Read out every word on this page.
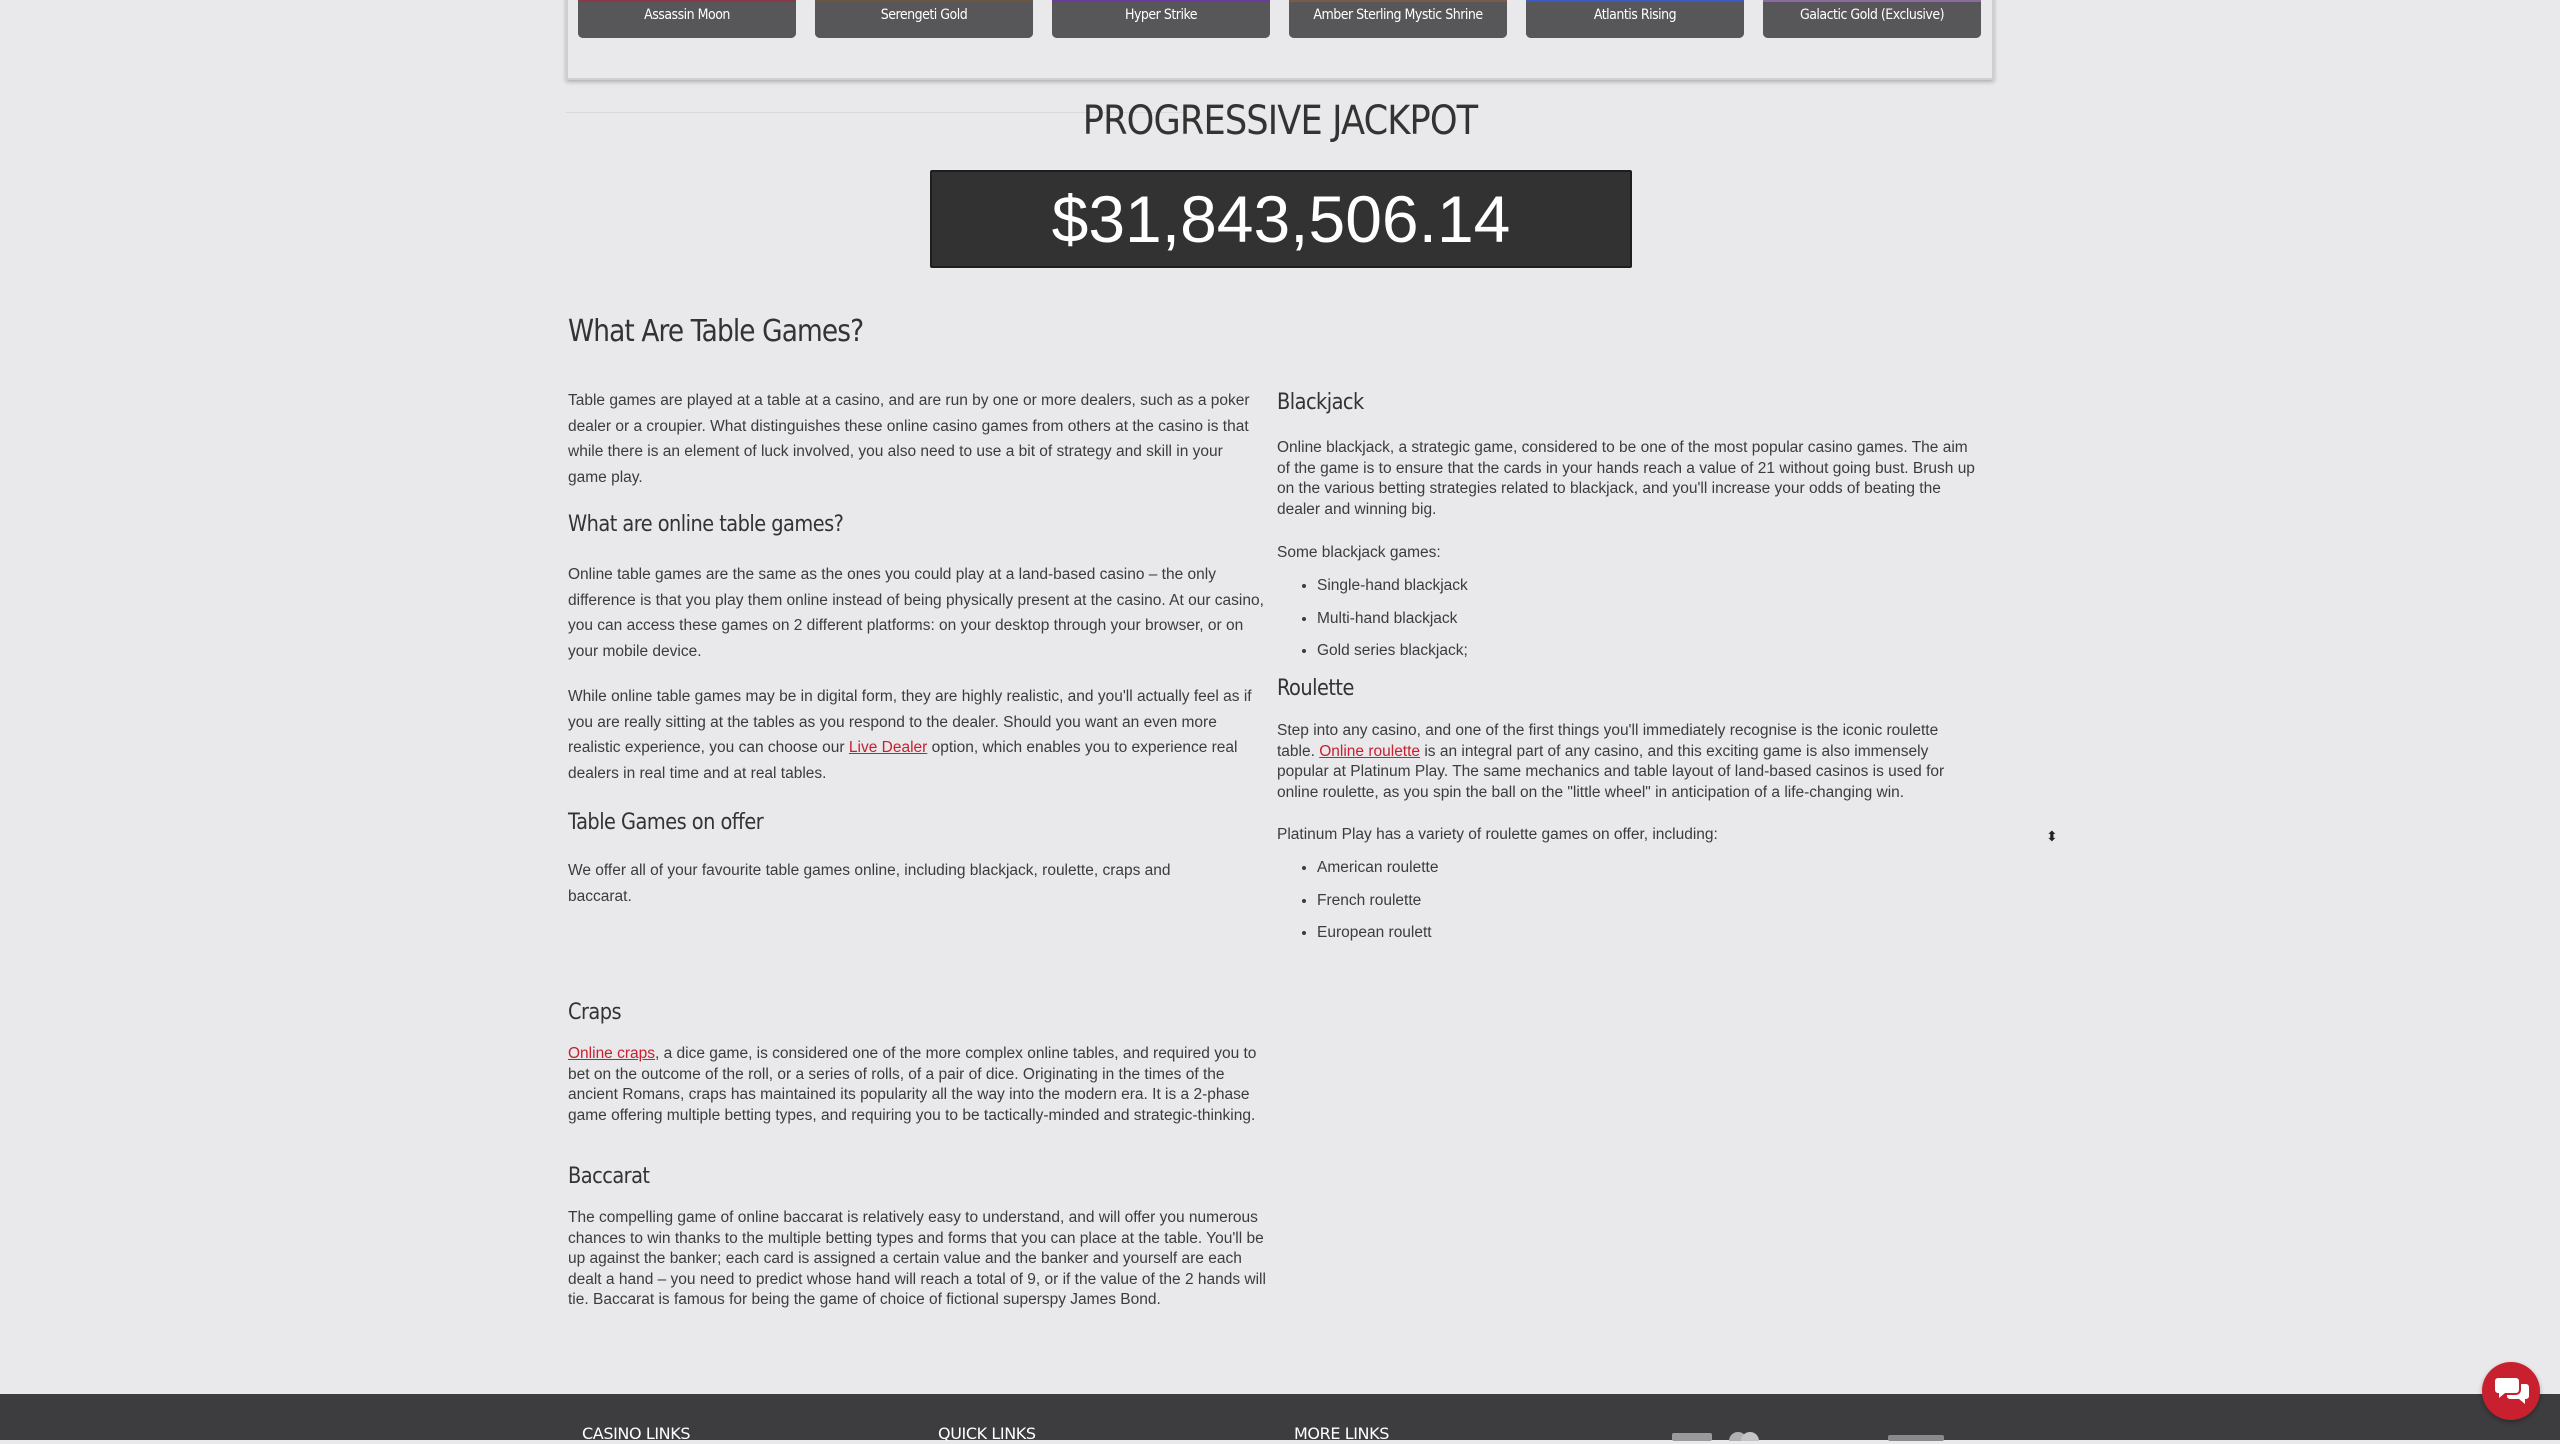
Assassin Moon	Serengeti Gold	Hyper Strike	Amber Sterling Mystic Shrine	Atlantis Rising	Galactic Gold (Exclusive)
PROGRESSIVE JACKPOT
$31,843,506.14
What Are Table Games?

Table games are played at a table at a casino, and are run by one or more dealers, such as a poker dealer or a croupier. What distinguishes these online casino games from others at the casino is that while there is an element of luck involved, you also need to use a bit of strategy and skill in your game play.

What are online table games?

Online table games are the same as the ones you could play at a land-based casino – the only difference is that you play them online instead of being physically present at the casino. At our casino, you can access these games on 2 different platforms: on your desktop through your browser, or on your mobile device.

While online table games may be in digital form, they are highly realistic, and you'll actually feel as if you are really sitting at the tables as you respond to the dealer. Should you want an even more realistic experience, you can choose our Live Dealer option, which enables you to experience real dealers in real time and at real tables.

Table Games on offer

We offer all of your favourite table games online, including blackjack, roulette, craps and baccarat.

Craps

Online craps, a dice game, is considered one of the more complex online tables, and required you to bet on the outcome of the roll, or a series of rolls, of a pair of dice. Originating in the times of the ancient Romans, craps has maintained its popularity all the way into the modern era. It is a 2-phase game offering multiple betting types, and requiring you to be tactically-minded and strategic-thinking.

Baccarat

The compelling game of online baccarat is relatively easy to understand, and will offer you numerous chances to win thanks to the multiple betting types and forms that you can place at the table. You'll be up against the banker; each card is assigned a certain value and the banker and yourself are each dealt a hand – you need to predict whose hand will reach a total of 9, or if the value of the 2 hands will tie. Baccarat is famous for being the game of choice of fictional superspy James Bond.

Blackjack

Online blackjack, a strategic game, considered to be one of the most popular casino games. The aim of the game is to ensure that the cards in your hands reach a value of 21 without going bust. Brush up on the various betting strategies related to blackjack, and you'll increase your odds of beating the dealer and winning big.

Some blackjack games:

• Single-hand blackjack
• Multi-hand blackjack
• Gold series blackjack;
Roulette

Step into any casino, and one of the first things you'll immediately recognise is the iconic roulette table. Online roulette is an integral part of any casino, and this exciting game is also immensely popular at Platinum Play. The same mechanics and table layout of land-based casinos is used for online roulette, as you spin the ball on the "little wheel" in anticipation of a life-changing win.

Platinum Play has a variety of roulette games on offer, including:

• American roulette
• French roulette
• European roulett
⬍
CASINO LINKS	QUICK LINKS	MORE LINKS
